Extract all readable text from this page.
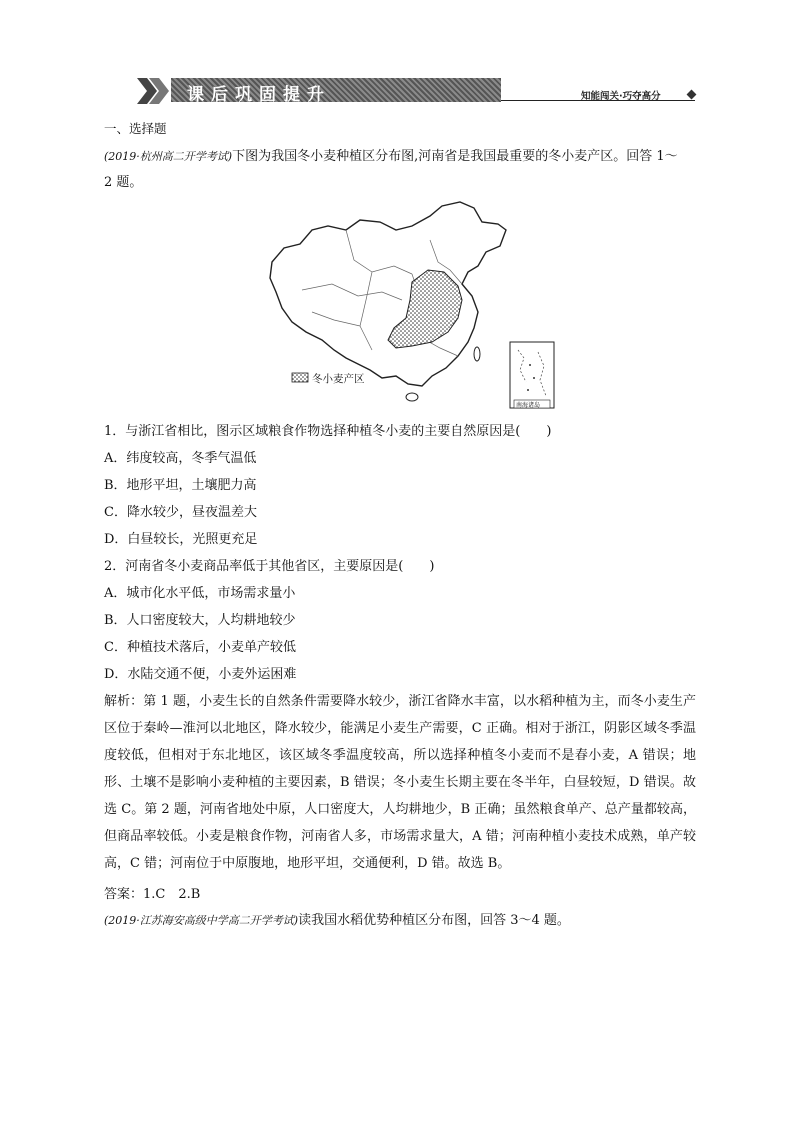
课后巩固提升	知能闯关·巧夺高分
一、选择题
(2019·杭州高二开学考试)下图为我国冬小麦种植区分布图,河南省是我国最重要的冬小麦产区。回答 1～
2 题。
冬小麦产区
南海诸岛
1．与浙江省相比，图示区域粮食作物选择种植冬小麦的主要自然原因是(　　)
A．纬度较高，冬季气温低
B．地形平坦，土壤肥力高
C．降水较少，昼夜温差大
D．白昼较长，光照更充足
2．河南省冬小麦商品率低于其他省区，主要原因是(　　)
A．城市化水平低，市场需求量小
B．人口密度较大，人均耕地较少
C．种植技术落后，小麦单产较低
D．水陆交通不便，小麦外运困难
解析：第 1 题，小麦生长的自然条件需要降水较少，浙江省降水丰富，以水稻种植为主，而冬小麦生产区位于秦岭—淮河以北地区，降水较少，能满足小麦生产需要，C 正确。相对于浙江，阴影区域冬季温度较低，但相对于东北地区，该区域冬季温度较高，所以选择种植冬小麦而不是春小麦，A 错误；地形、土壤不是影响小麦种植的主要因素，B 错误；冬小麦生长期主要在冬半年，白昼较短，D 错误。故选 C。第 2 题，河南省地处中原，人口密度大，人均耕地少，B 正确；虽然粮食单产、总产量都较高，但商品率较低。小麦是粮食作物，河南省人多，市场需求量大，A 错；河南种植小麦技术成熟，单产较高，C 错；河南位于中原腹地，地形平坦，交通便利，D 错。故选 B。
答案：1.C　2.B
(2019·江苏海安高级中学高二开学考试)读我国水稻优势种植区分布图，回答 3～4 题。
